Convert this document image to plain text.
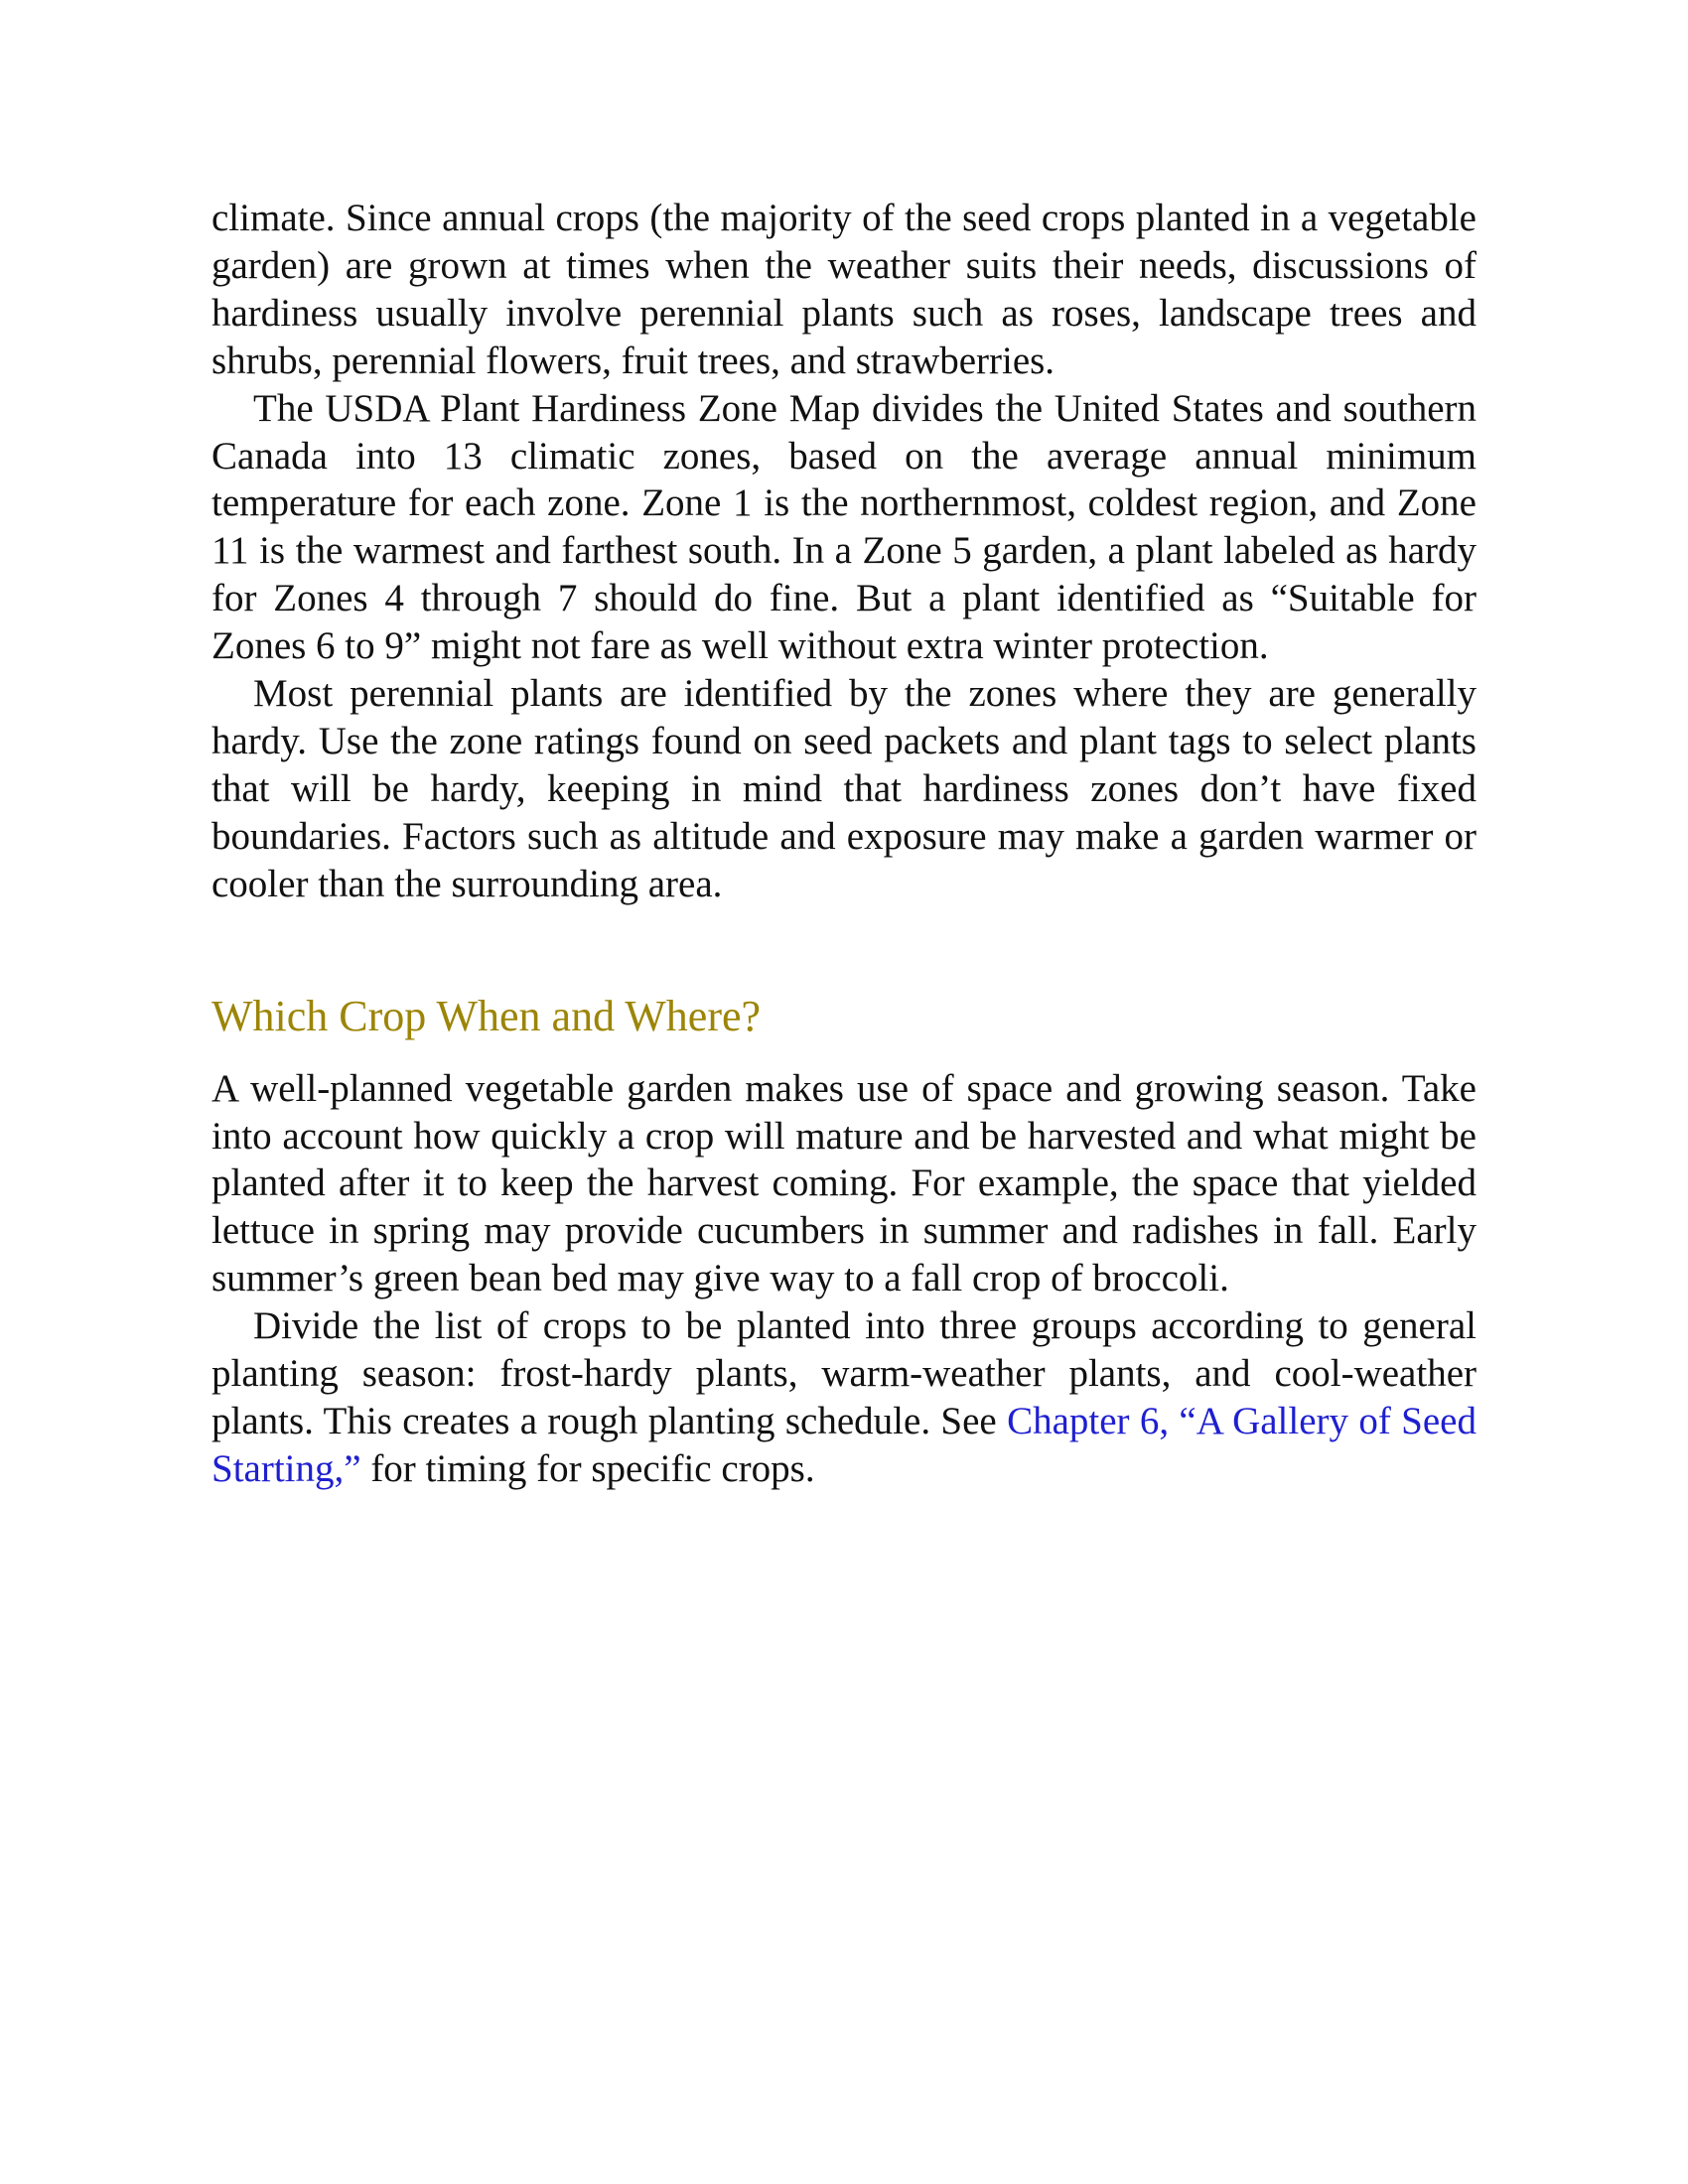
climate. Since annual crops (the majority of the seed crops planted in a vegetable garden) are grown at times when the weather suits their needs, discussions of hardiness usually involve perennial plants such as roses, landscape trees and shrubs, perennial flowers, fruit trees, and strawberries.

The USDA Plant Hardiness Zone Map divides the United States and southern Canada into 13 climatic zones, based on the average annual minimum temperature for each zone. Zone 1 is the northernmost, coldest region, and Zone 11 is the warmest and farthest south. In a Zone 5 garden, a plant labeled as hardy for Zones 4 through 7 should do fine. But a plant identified as “Suitable for Zones 6 to 9” might not fare as well without extra winter protection.

Most perennial plants are identified by the zones where they are generally hardy. Use the zone ratings found on seed packets and plant tags to select plants that will be hardy, keeping in mind that hardiness zones don’t have fixed boundaries. Factors such as altitude and exposure may make a garden warmer or cooler than the surrounding area.

Which Crop When and Where?

A well-planned vegetable garden makes use of space and growing season. Take into account how quickly a crop will mature and be harvested and what might be planted after it to keep the harvest coming. For example, the space that yielded lettuce in spring may provide cucumbers in summer and radishes in fall. Early summer’s green bean bed may give way to a fall crop of broccoli.

Divide the list of crops to be planted into three groups according to general planting season: frost-hardy plants, warm-weather plants, and cool-weather plants. This creates a rough planting schedule. See Chapter 6, “A Gallery of Seed Starting,” for timing for specific crops.
